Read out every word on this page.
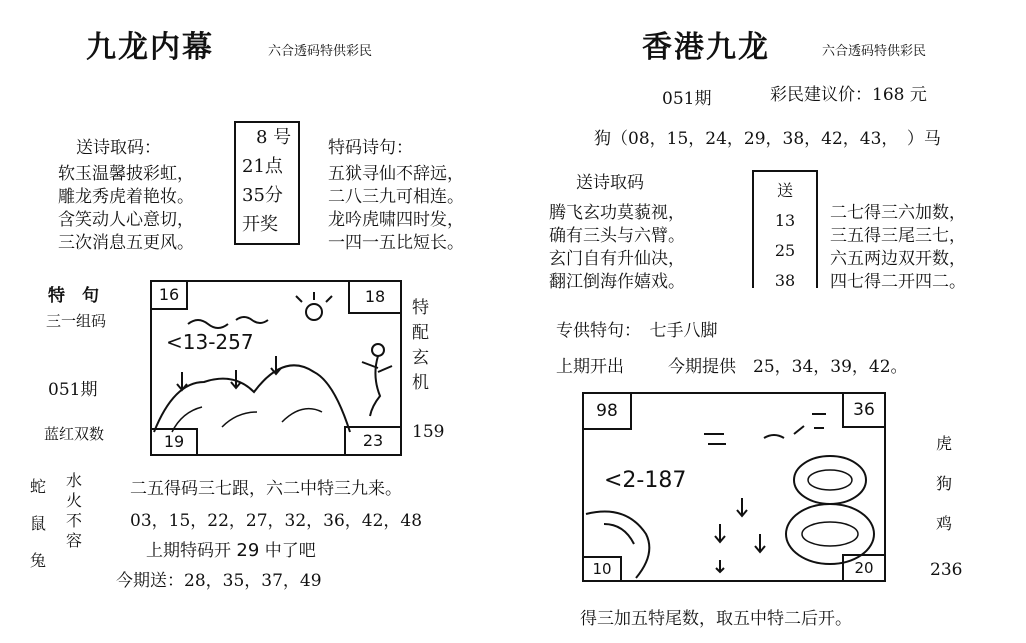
九龙内幕	六合透码特供彩民
送诗取码：
软玉温馨披彩虹，
雕龙秀虎着艳妆。
含笑动人心意切，
三次消息五更风。
8 号
21点
35分
开奖
特码诗句：
五狱寻仙不辞远，
二八三九可相连。
龙吟虎啸四时发，
一四一五比短长。
特　句
三一组码
051期
蓝红双数
16	18
19	23
<13-257
特
配
玄
机
159
蛇
鼠
兔
水
火
不
容
二五得码三七跟，六二中特三九来。
03，15，22，27，32，36，42，48
上期特码开 29 中了吧
今期送：28，35，37，49
香港九龙	六合透码特供彩民
051期	彩民建议价：168 元
狗（08，15，24，29，38，42，43，　）马
送诗取码
腾飞玄功莫藐视，
确有三头与六臂。
玄门自有升仙决，
翻江倒海作嬉戏。
送
13
25
38
二七得三六加数，
三五得三尾三七，
六五两边双开数，
四七得二开四二。
专供特句：　七手八脚
上期开出	今期提供　25，34，39，42。
98	36
10	20
<2-187
虎
狗
鸡
236
得三加五特尾数，取五中特二后开。
